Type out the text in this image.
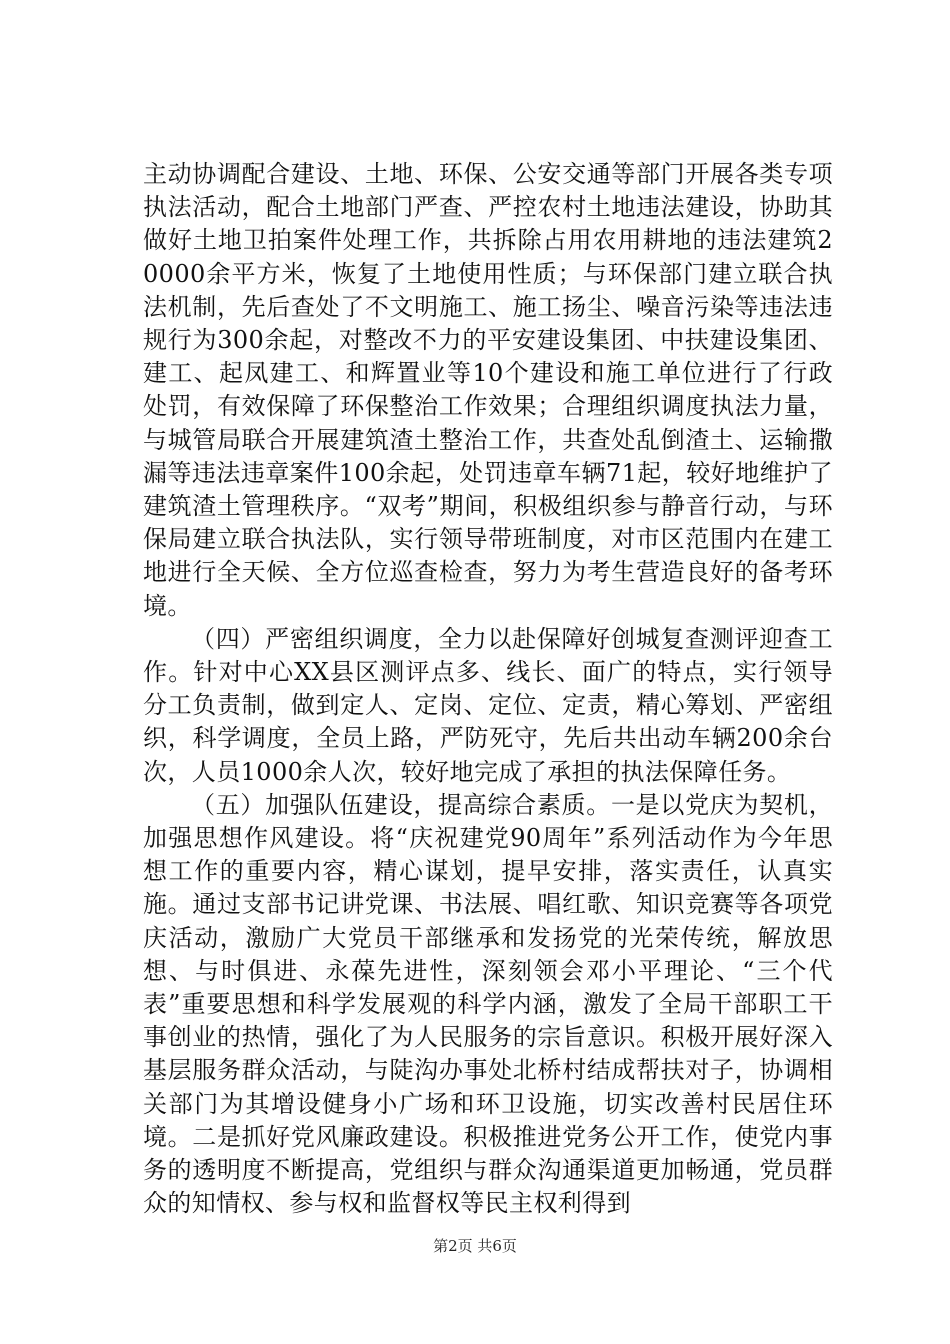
主动协调配合建设、土地、环保、公安交通等部门开展各类专项执法活动，配合土地部门严查、严控农村土地违法建设，协助其做好土地卫拍案件处理工作，共拆除占用农用耕地的违法建筑20000余平方米，恢复了土地使用性质；与环保部门建立联合执法机制，先后查处了不文明施工、施工扬尘、噪音污染等违法违规行为300余起，对整改不力的平安建设集团、中扶建设集团、建工、起凤建工、和辉置业等10个建设和施工单位进行了行政处罚，有效保障了环保整治工作效果；合理组织调度执法力量，与城管局联合开展建筑渣土整治工作，共查处乱倒渣土、运输撒漏等违法违章案件100余起，处罚违章车辆71起，较好地维护了建筑渣土管理秩序。“双考”期间，积极组织参与静音行动，与环保局建立联合执法队，实行领导带班制度，对市区范围内在建工地进行全天候、全方位巡查检查，努力为考生营造良好的备考环境。

（四）严密组织调度，全力以赴保障好创城复查测评迎查工作。针对中心XX县区测评点多、线长、面广的特点，实行领导分工负责制，做到定人、定岗、定位、定责，精心筹划、严密组织，科学调度，全员上路，严防死守，先后共出动车辆200余台次，人员1000余人次，较好地完成了承担的执法保障任务。

（五）加强队伍建设，提高综合素质。一是以党庆为契机，加强思想作风建设。将“庆祝建党90周年”系列活动作为今年思想工作的重要内容，精心谋划，提早安排，落实责任，认真实施。通过支部书记讲党课、书法展、唱红歌、知识竞赛等各项党庆活动，激励广大党员干部继承和发扬党的光荣传统，解放思想、与时俱进、永葆先进性，深刻领会邓小平理论、“三个代表”重要思想和科学发展观的科学内涵，激发了全局干部职工干事创业的热情，强化了为人民服务的宗旨意识。积极开展好深入基层服务群众活动，与陡沟办事处北桥村结成帮扶对子，协调相关部门为其增设健身小广场和环卫设施，切实改善村民居住环境。二是抓好党风廉政建设。积极推进党务公开工作，使党内事务的透明度不断提高，党组织与群众沟通渠道更加畅通，党员群众的知情权、参与权和监督权等民主权利得到

第2页 共6页
